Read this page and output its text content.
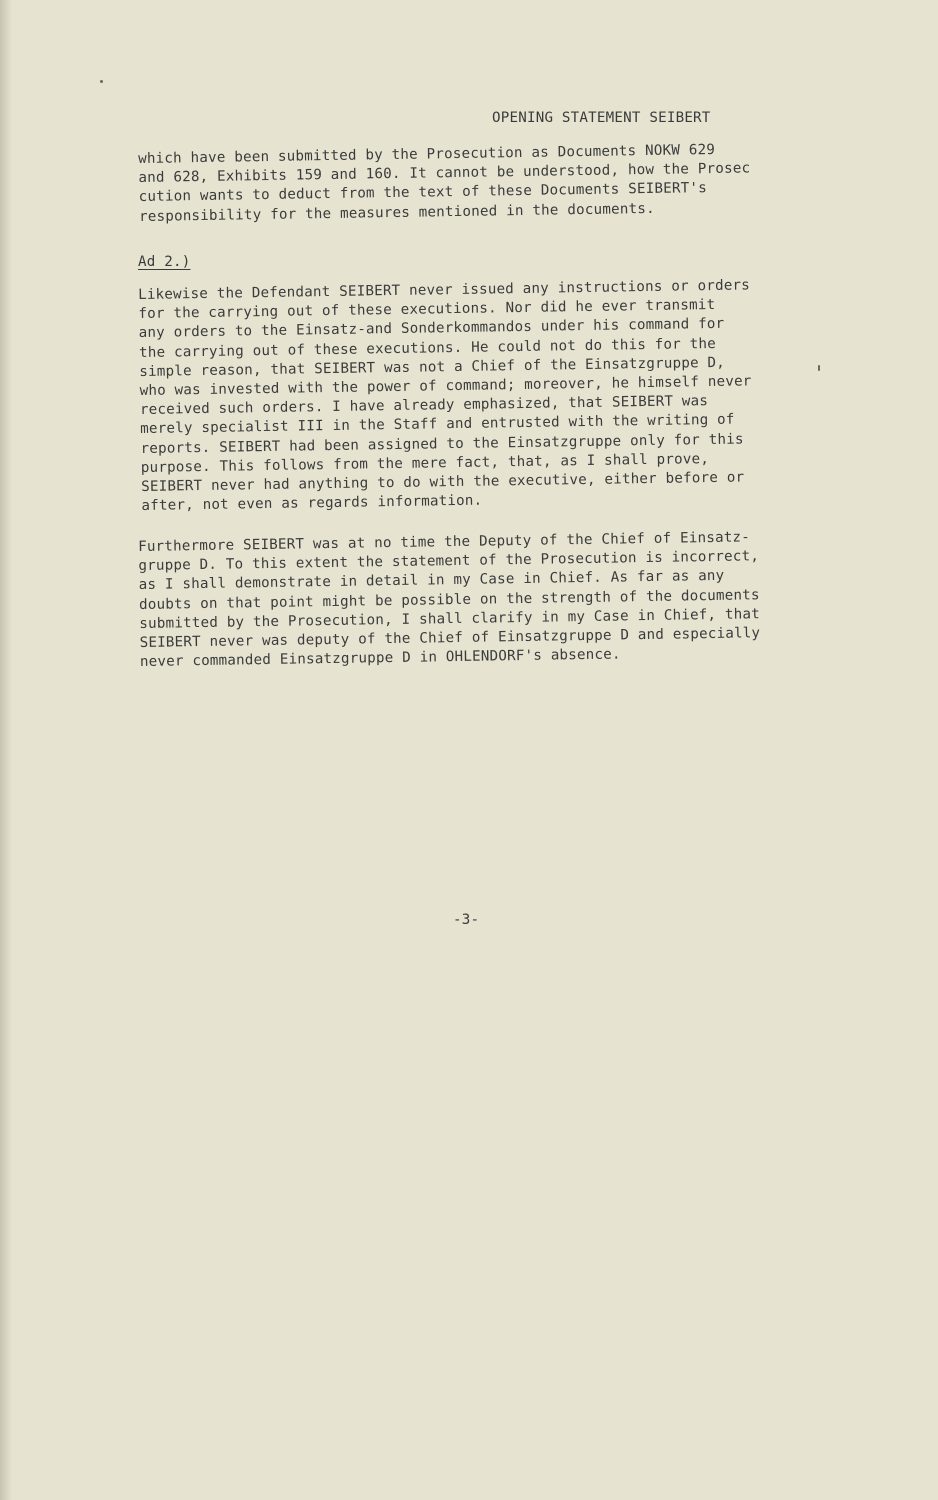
OPENING STATEMENT SEIBERT
which have been submitted by the Prosecution as Documents NOKW 629
and 628, Exhibits 159 and 160. It cannot be understood, how the Prosec
cution wants to deduct from the text of these Documents SEIBERT's
responsibility for the measures mentioned in the documents.
Ad 2.)
Likewise the Defendant SEIBERT never issued any instructions or orders
for the carrying out of these executions. Nor did he ever transmit
any orders to the Einsatz-and Sonderkommandos under his command for
the carrying out of these executions. He could not do this for the
simple reason, that SEIBERT was not a Chief of the Einsatzgruppe D,
who was invested with the power of command; moreover, he himself never
received such orders. I have already emphasized, that SEIBERT was
merely specialist III in the Staff and entrusted with the writing of
reports. SEIBERT had been assigned to the Einsatzgruppe only for this
purpose. This follows from the mere fact, that, as I shall prove,
SEIBERT never had anything to do with the executive, either before or
after, not even as regards information.
Furthermore SEIBERT was at no time the Deputy of the Chief of Einsatz-
gruppe D. To this extent the statement of the Prosecution is incorrect,
as I shall demonstrate in detail in my Case in Chief. As far as any
doubts on that point might be possible on the strength of the documents
submitted by the Prosecution, I shall clarify in my Case in Chief, that
SEIBERT never was deputy of the Chief of Einsatzgruppe D and especially
never commanded Einsatzgruppe D in OHLENDORF's absence.
-3-
